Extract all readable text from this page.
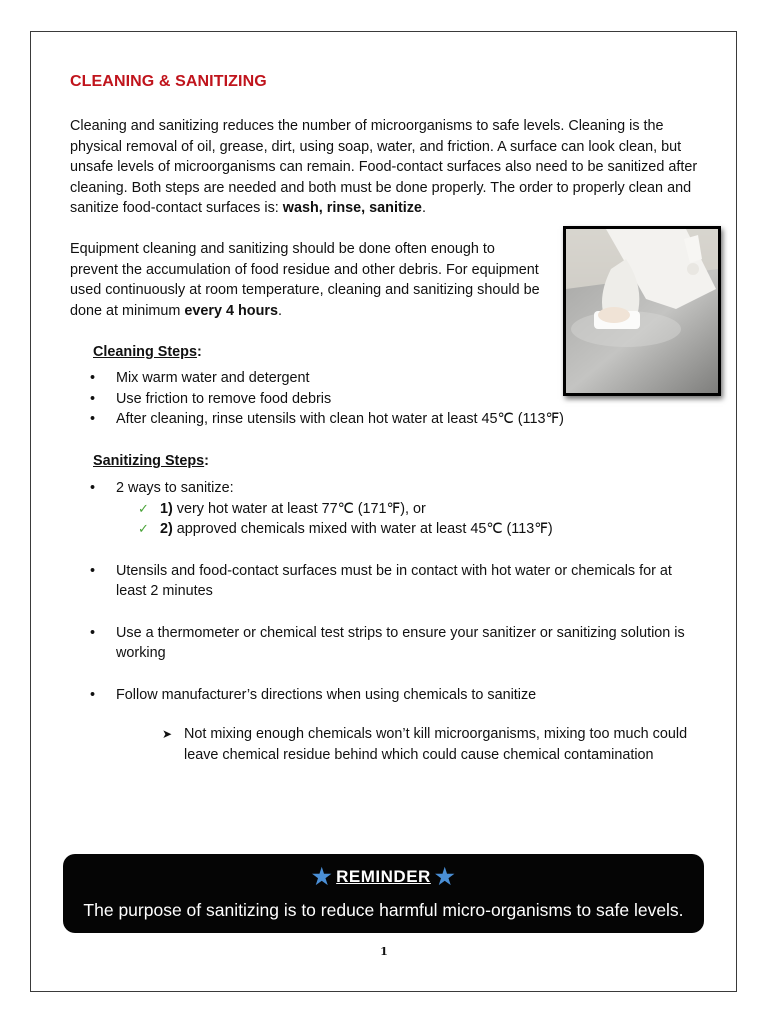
CLEANING & SANITIZING

Cleaning and sanitizing reduces the number of microorganisms to safe levels. Cleaning is the physical removal of oil, grease, dirt, using soap, water, and friction. A surface can look clean, but unsafe levels of microorganisms can remain. Food-contact surfaces also need to be sanitized after cleaning. Both steps are needed and both must be done properly. The order to properly clean and sanitize food-contact surfaces is: wash, rinse, sanitize.

Equipment cleaning and sanitizing should be done often enough to prevent the accumulation of food residue and other debris. For equipment used continuously at room temperature, cleaning and sanitizing should be done at minimum every 4 hours.

Cleaning Steps:

• Mix warm water and detergent
• Use friction to remove food debris
• After cleaning, rinse utensils with clean hot water at least 45℃ (113℉)

Sanitizing Steps:

• 2 ways to sanitize:
✓ 1) very hot water at least 77℃ (171℉), or
✓ 2) approved chemicals mixed with water at least 45℃ (113℉)
• Utensils and food-contact surfaces must be in contact with hot water or chemicals for at least 2 minutes
• Use a thermometer or chemical test strips to ensure your sanitizer or sanitizing solution is working
• Follow manufacturer’s directions when using chemicals to sanitize

➤ Not mixing enough chemicals won’t kill microorganisms, mixing too much could leave chemical residue behind which could cause chemical contamination

★ REMINDER ★
The purpose of sanitizing is to reduce harmful micro-organisms to safe levels.
1
